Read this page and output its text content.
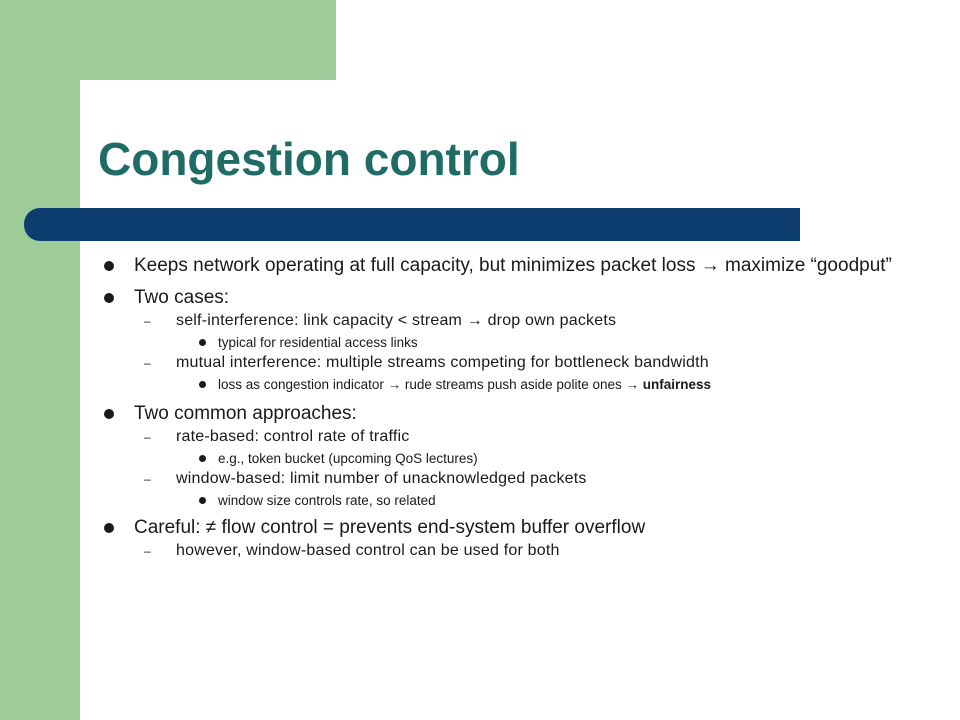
Congestion control
Keeps network operating at full capacity, but minimizes packet loss → maximize “goodput”
Two cases:
– self-interference: link capacity < stream → drop own packets
typical for residential access links
– mutual interference: multiple streams competing for bottleneck bandwidth
loss as congestion indicator → rude streams push aside polite ones → unfairness
Two common approaches:
– rate-based: control rate of traffic
e.g., token bucket (upcoming QoS lectures)
– window-based: limit number of unacknowledged packets
window size controls rate, so related
Careful: ≠ flow control = prevents end-system buffer overflow
– however, window-based control can be used for both
